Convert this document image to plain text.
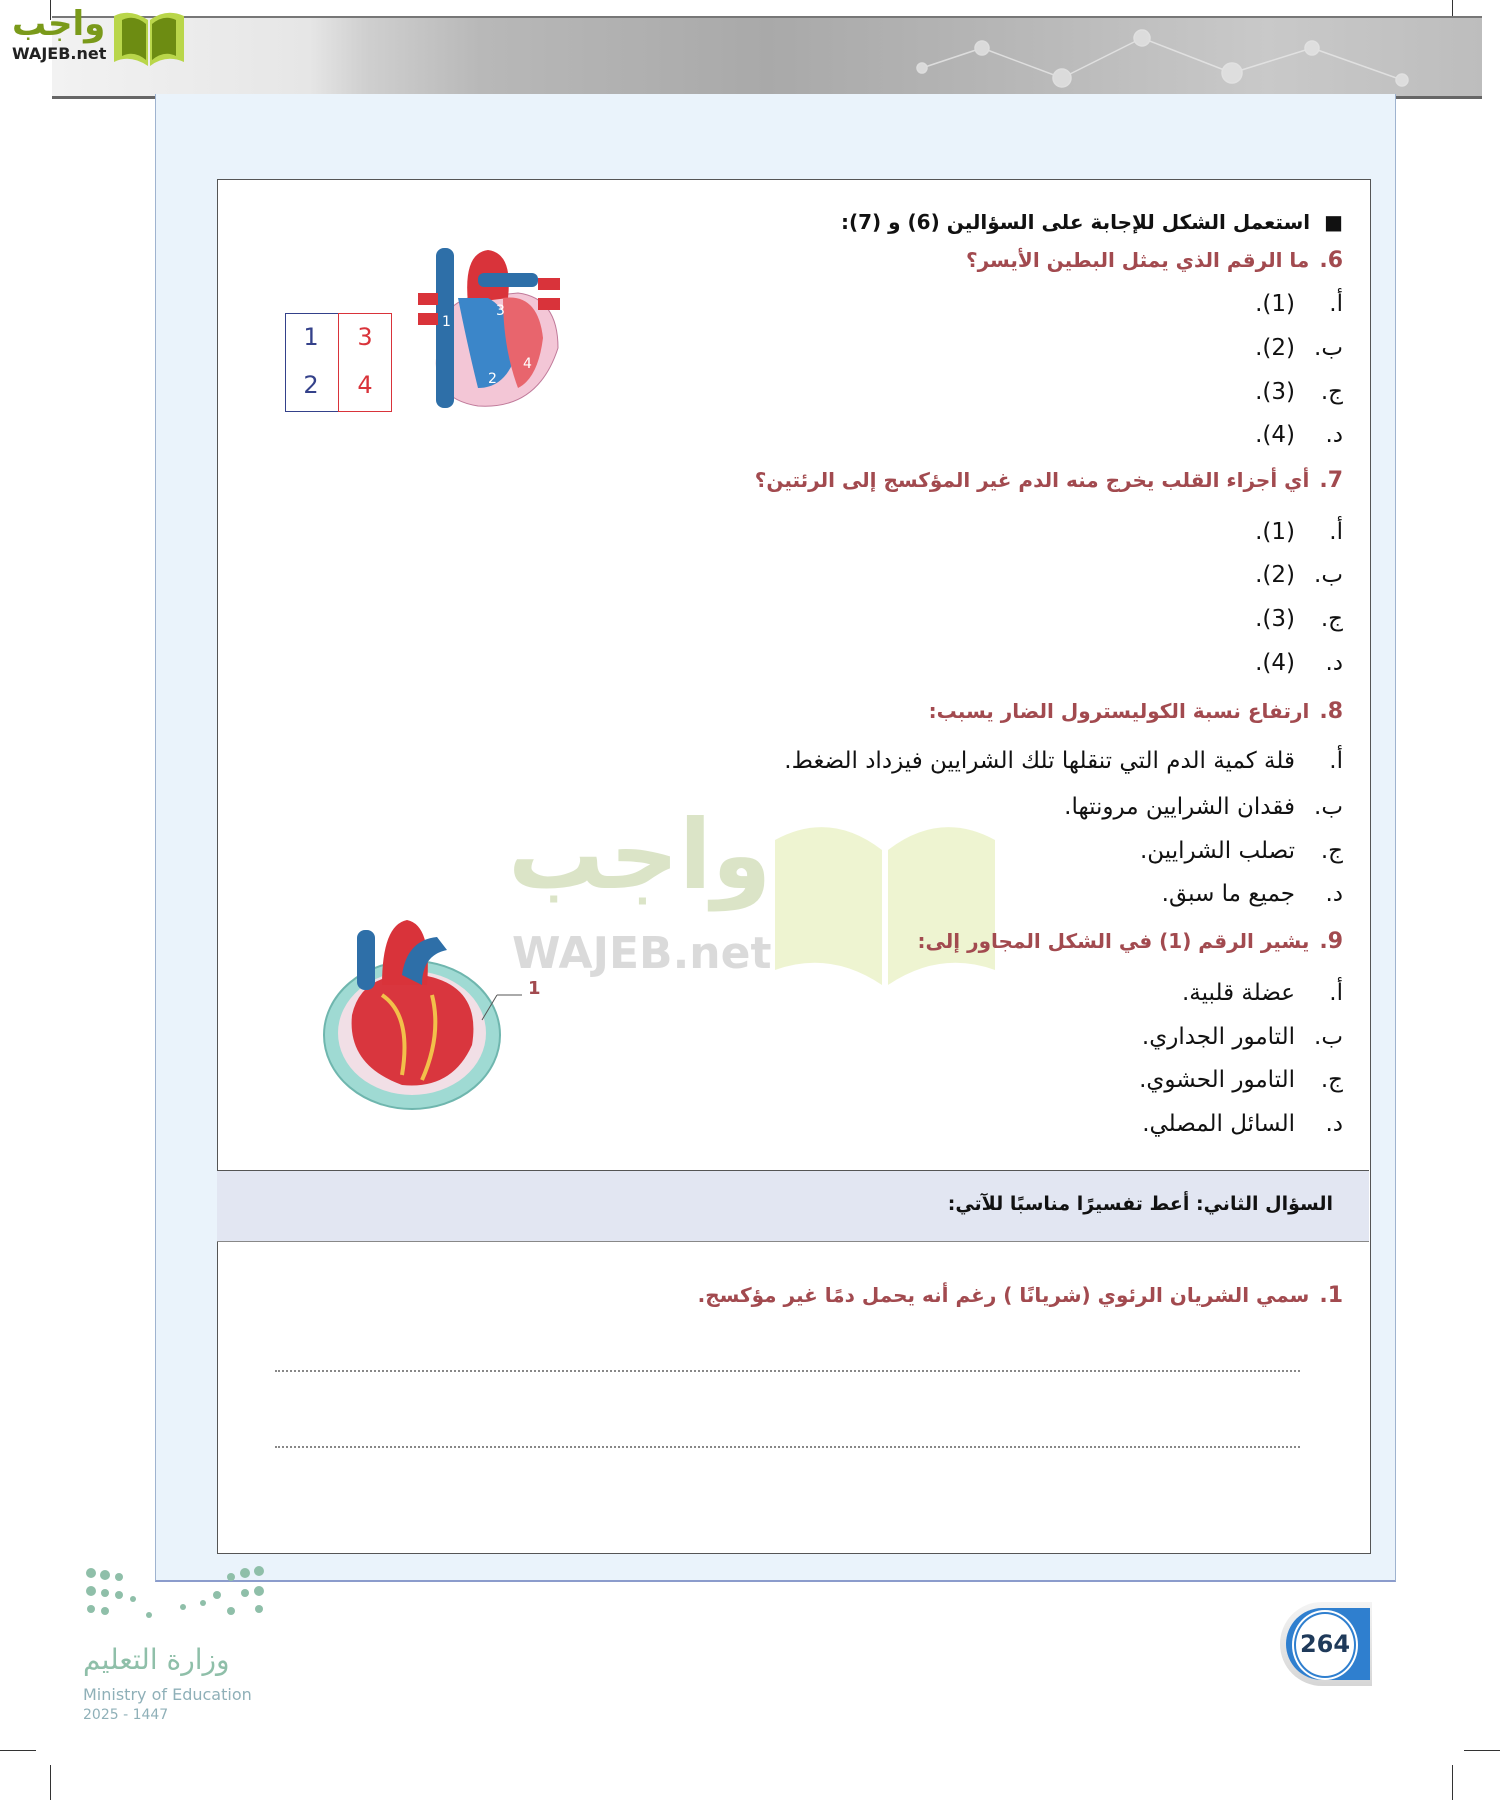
واجب
WAJEB.net
واجب
WAJEB.net
■استعمل الشكل للإجابة على السؤالين (6) و (7):
6.ما الرقم الذي يمثل البطين الأيسر؟
أ.(1).
ب.(2).
ج.(3).
د.(4).
7.أي أجزاء القلب يخرج منه الدم غير المؤكسج إلى الرئتين؟
أ.(1).
ب.(2).
ج.(3).
د.(4).
8.ارتفاع نسبة الكوليسترول الضار يسبب:
أ.قلة كمية الدم التي تنقلها تلك الشرايين فيزداد الضغط.
ب.فقدان الشرايين مرونتها.
ج.تصلب الشرايين.
د.جميع ما سبق.
9.يشير الرقم (1) في الشكل المجاور إلى:
أ.عضلة قلبية.
ب.التامور الجداري.
ج.التامور الحشوي.
د.السائل المصلي.
1	3
2	4
1
2
3
4
1
السؤال الثاني: أعط تفسيرًا مناسبًا للآتي:
1.سمي الشريان الرئوي (شريانًا ) رغم أنه يحمل دمًا غير مؤكسج.
وزارة التعليم
Ministry of Education
2025 - 1447
264
